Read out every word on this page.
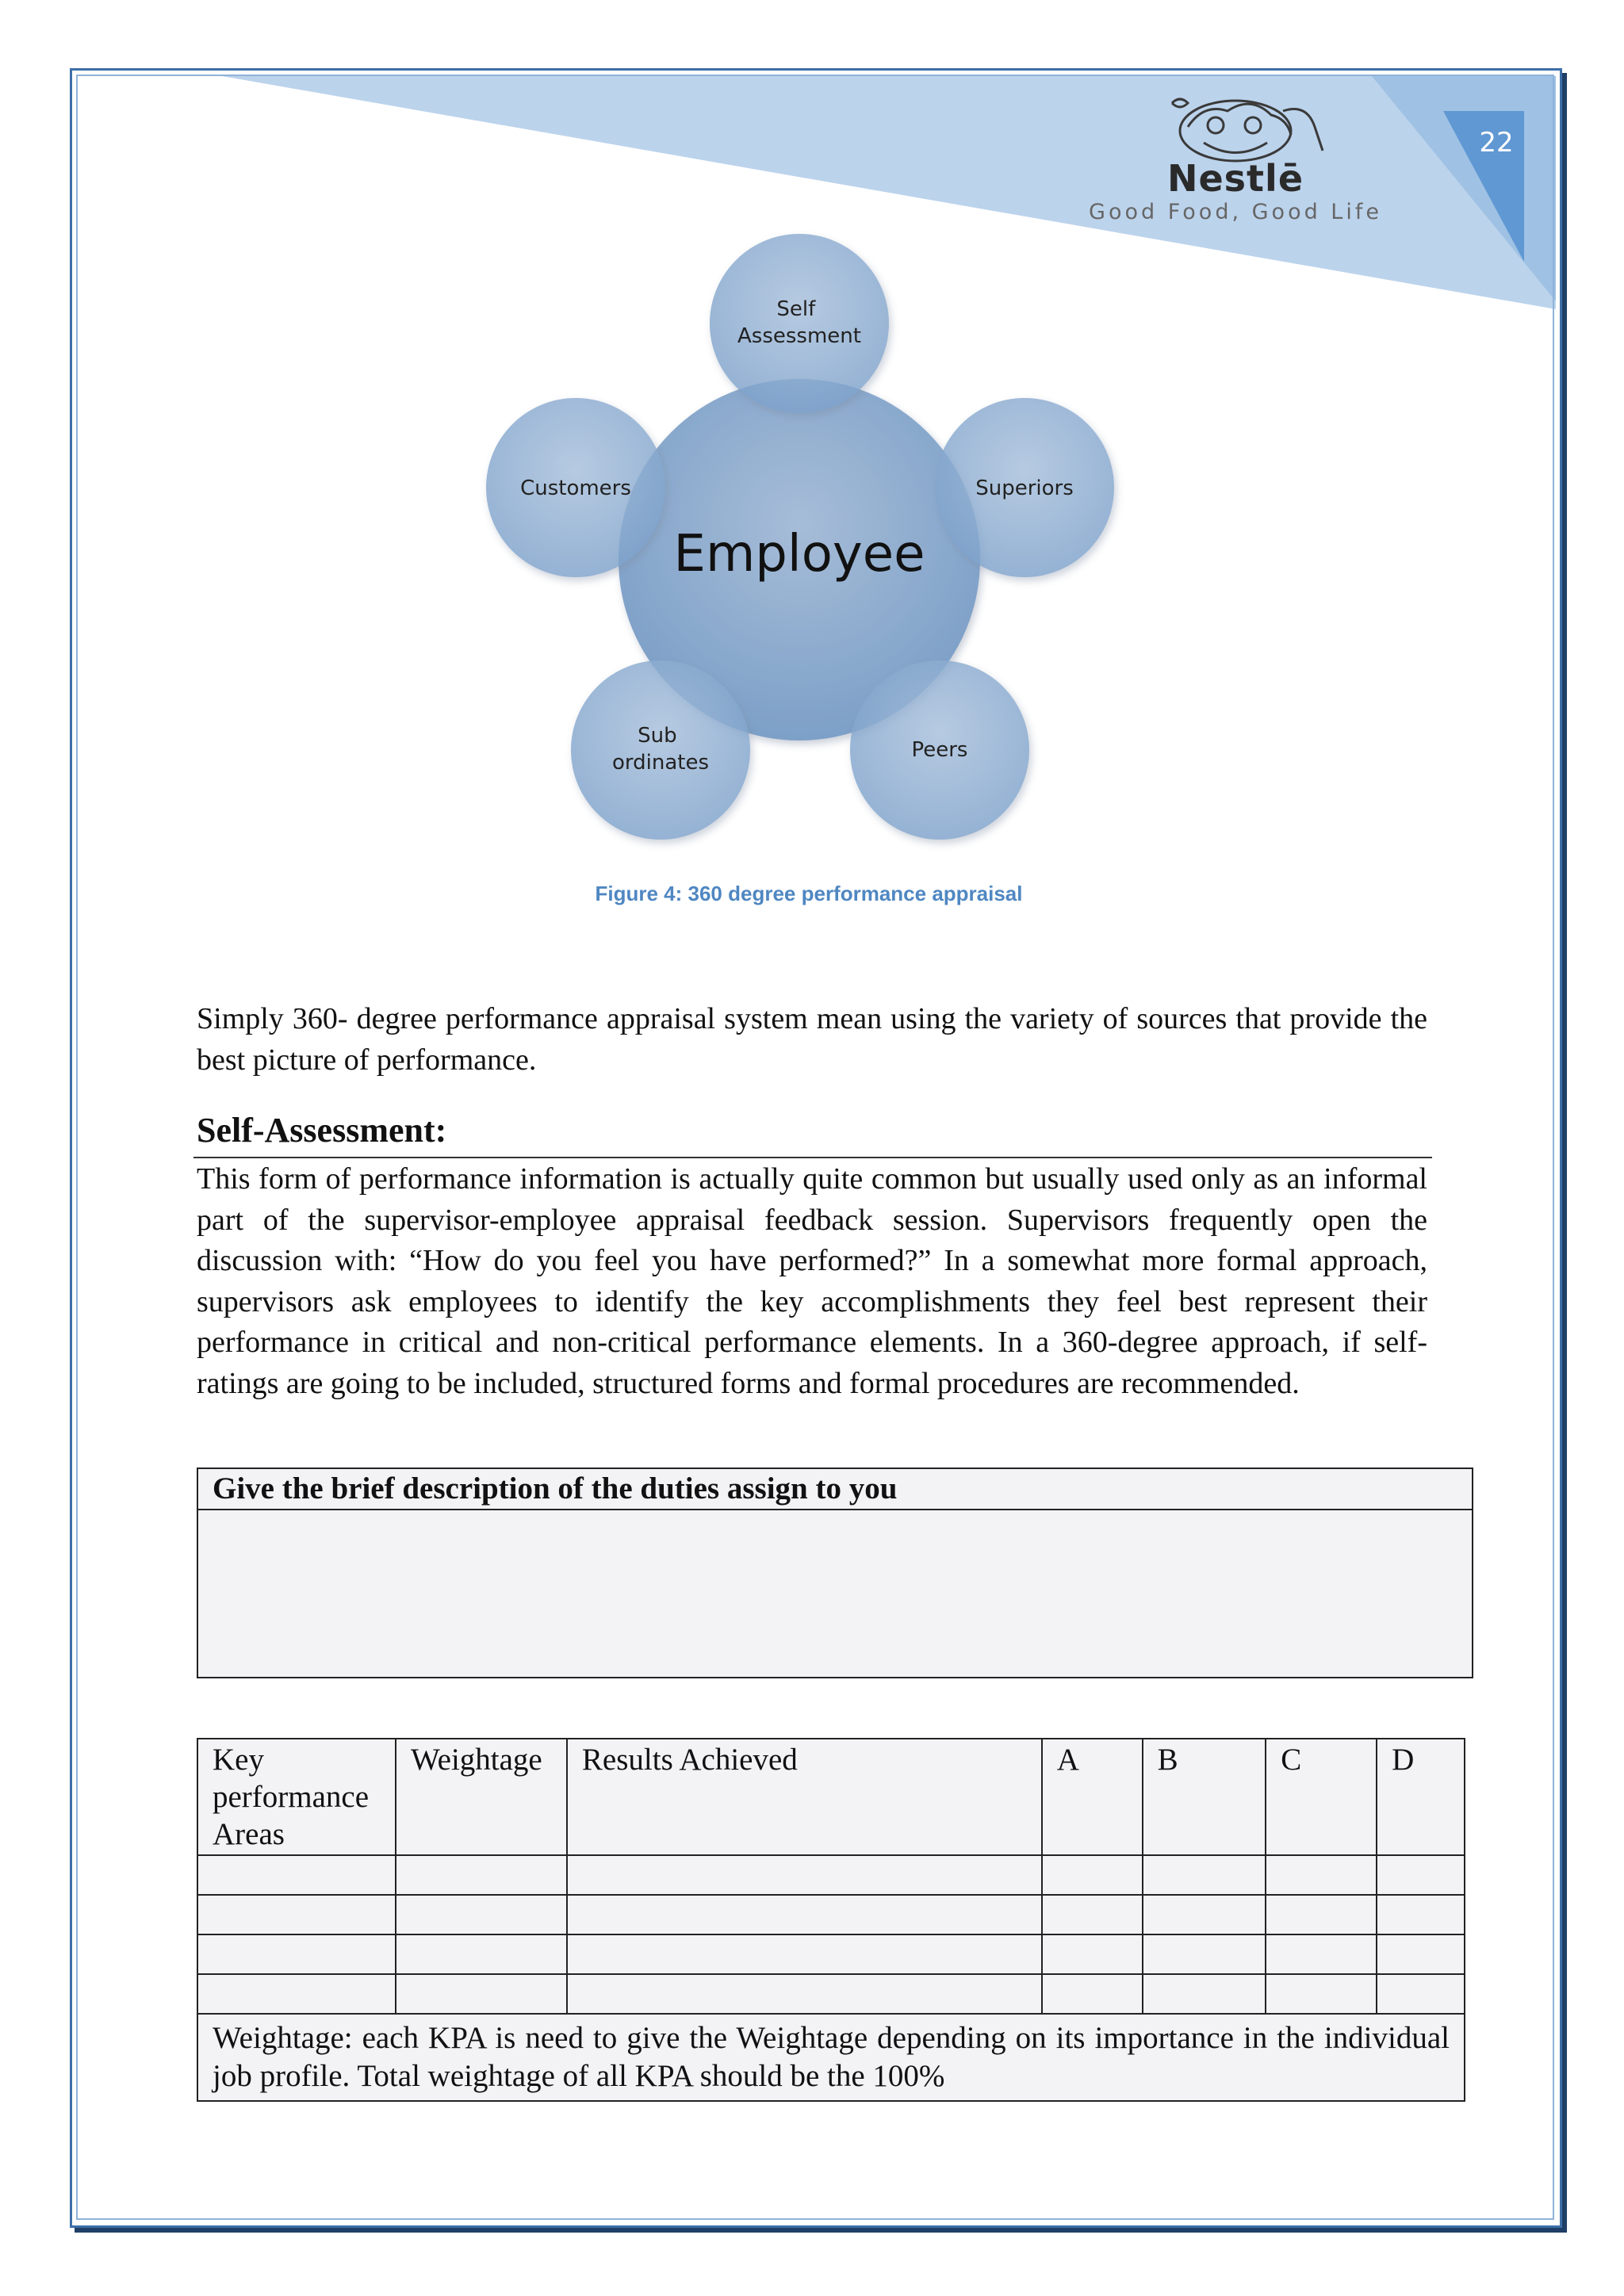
22
Nestlē
Good Food, Good Life
Employee
Self Assessment
Superiors
Peers
Sub ordinates
Customers
Figure 4: 360 degree performance appraisal

Simply 360- degree performance appraisal system mean using the variety of sources that provide the best picture of performance.

Self-Assessment:

This form of performance information is actually quite common but usually used only as an informal part of the supervisor-employee appraisal feedback session. Supervisors frequently open the discussion with: “How do you feel you have performed?” In a somewhat more formal approach, supervisors ask employees to identify the key accomplishments they feel best represent their performance in critical and non-critical performance elements. In a 360-degree approach, if self-ratings are going to be included, structured forms and formal procedures are recommended.

Give the brief description of the duties assign to you

Key performance Areas	Weightage	Results Achieved	A	B	C	D

Weightage: each KPA is need to give the Weightage depending on its importance in the individual job profile. Total weightage of all KPA should be the 100%						
